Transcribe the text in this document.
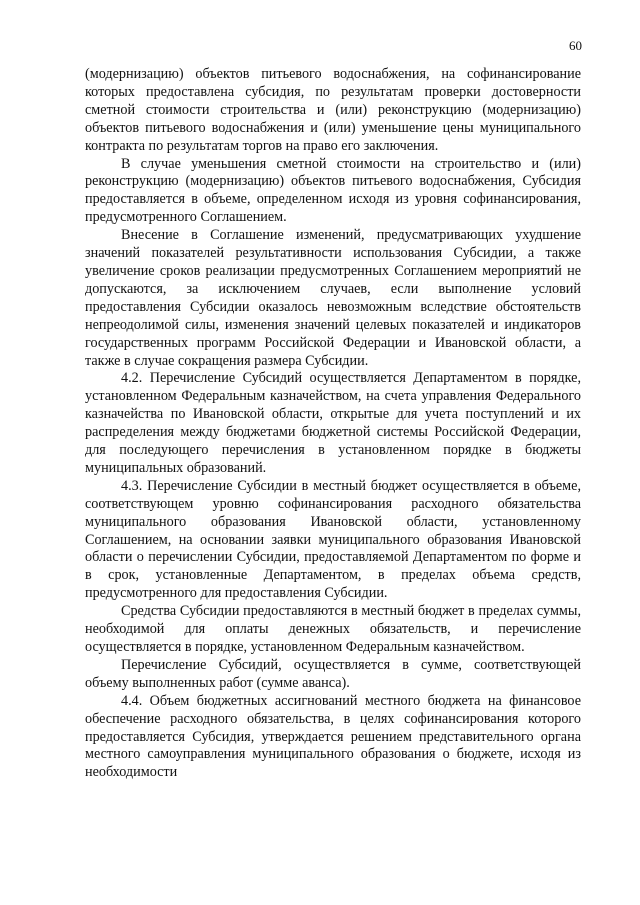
60

(модернизацию) объектов питьевого водоснабжения, на софинансирование которых предоставлена субсидия, по результатам проверки достоверности сметной стоимости строительства и (или) реконструкцию (модернизацию) объектов питьевого водоснабжения и (или) уменьшение цены муниципального контракта по результатам торгов на право его заключения.

В случае уменьшения сметной стоимости на строительство и (или) реконструкцию (модернизацию) объектов питьевого водоснабжения, Субсидия предоставляется в объеме, определенном исходя из уровня софинансирования, предусмотренного Соглашением.

Внесение в Соглашение изменений, предусматривающих ухудшение значений показателей результативности использования Субсидии, а также увеличение сроков реализации предусмотренных Соглашением мероприятий не допускаются, за исключением случаев, если выполнение условий предоставления Субсидии оказалось невозможным вследствие обстоятельств непреодолимой силы, изменения значений целевых показателей и индикаторов государственных программ Российской Федерации и Ивановской области, а также в случае сокращения размера Субсидии.

4.2. Перечисление Субсидий осуществляется Департаментом в порядке, установленном Федеральным казначейством, на счета управления Федерального казначейства по Ивановской области, открытые для учета поступлений и их распределения между бюджетами бюджетной системы Российской Федерации, для последующего перечисления в установленном порядке в бюджеты муниципальных образований.

4.3. Перечисление Субсидии в местный бюджет осуществляется в объеме, соответствующем уровню софинансирования расходного обязательства муниципального образования Ивановской области, установленному Соглашением, на основании заявки муниципального образования Ивановской области о перечислении Субсидии, предоставляемой Департаментом по форме и в срок, установленные Департаментом, в пределах объема средств, предусмотренного для предоставления Субсидии.

Средства Субсидии предоставляются в местный бюджет в пределах суммы, необходимой для оплаты денежных обязательств, и перечисление осуществляется в порядке, установленном Федеральным казначейством.

Перечисление Субсидий, осуществляется в сумме, соответствующей объему выполненных работ (сумме аванса).

4.4. Объем бюджетных ассигнований местного бюджета на финансовое обеспечение расходного обязательства, в целях софинансирования которого предоставляется Субсидия, утверждается решением представительного органа местного самоуправления муниципального образования о бюджете, исходя из необходимости
